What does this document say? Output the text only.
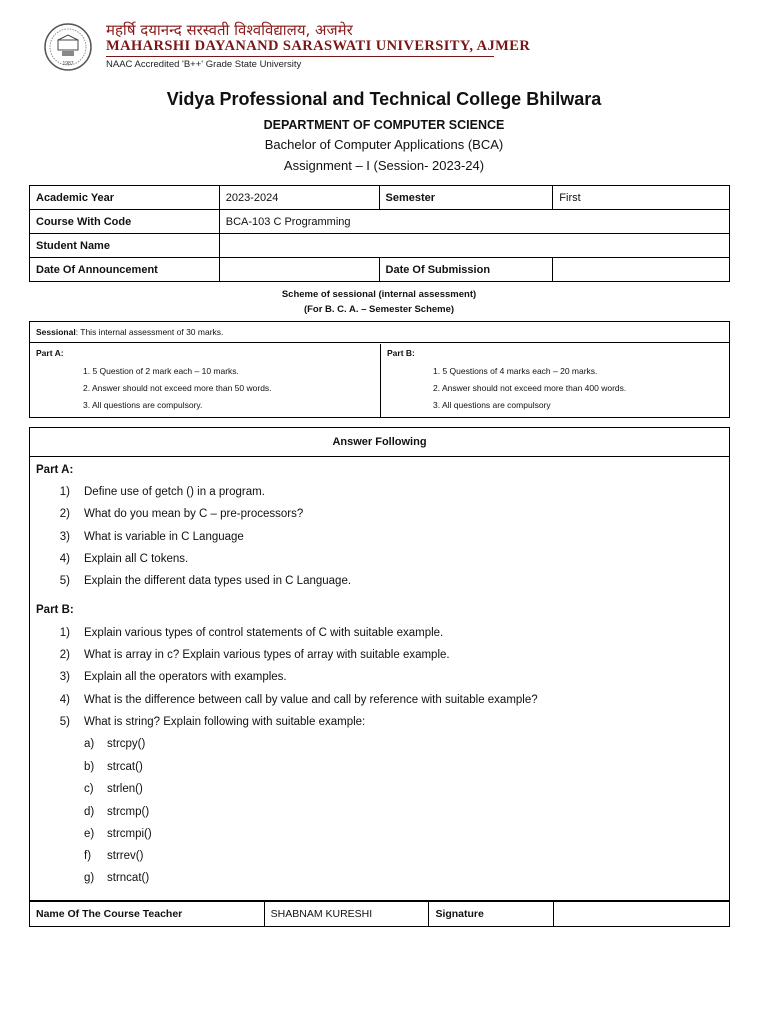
1987
महर्षि दयानन्द सरस्वती विश्वविद्यालय, अजमेर
MAHARSHI DAYANAND SARASWATI UNIVERSITY, AJMER
NAAC Accredited 'B++' Grade State University
Vidya Professional and Technical College Bhilwara
DEPARTMENT OF COMPUTER SCIENCE
Bachelor of Computer Applications (BCA)
Assignment – I (Session- 2023-24)
Academic Year	2023-2024	Semester	First
Course With Code	BCA-103 C Programming		
Student Name			
Date Of Announcement		Date Of Submission	
Scheme of sessional (internal assessment)
(For B. C. A. – Semester Scheme)
Sessional: This internal assessment of 30 marks.
Part A:
1. 5 Question of 2 mark each – 10 marks.
2. Answer should not exceed more than 50 words.
3. All questions are compulsory.
Part B:
1. 5 Questions of 4 marks each – 20 marks.
2. Answer should not exceed more than 400 words.
3. All questions are compulsory
Answer Following
Part A:
1) Define use of getch () in a program.
2) What do you mean by C – pre-processors?
3) What is variable in C Language
4) Explain all C tokens.
5) Explain the different data types used in C Language.
Part B:
1) Explain various types of control statements of C with suitable example.
2) What is array in c? Explain various types of array with suitable example.
3) Explain all the operators with examples.
4) What is the difference between call by value and call by reference with suitable example?
5) What is string? Explain following with suitable example:
a) strcpy()
b) strcat()
c) strlen()
d) strcmp()
e) strcmpi()
f) strrev()
g) strncat()
Name Of The Course Teacher	SHABNAM KURESHI	Signature	
